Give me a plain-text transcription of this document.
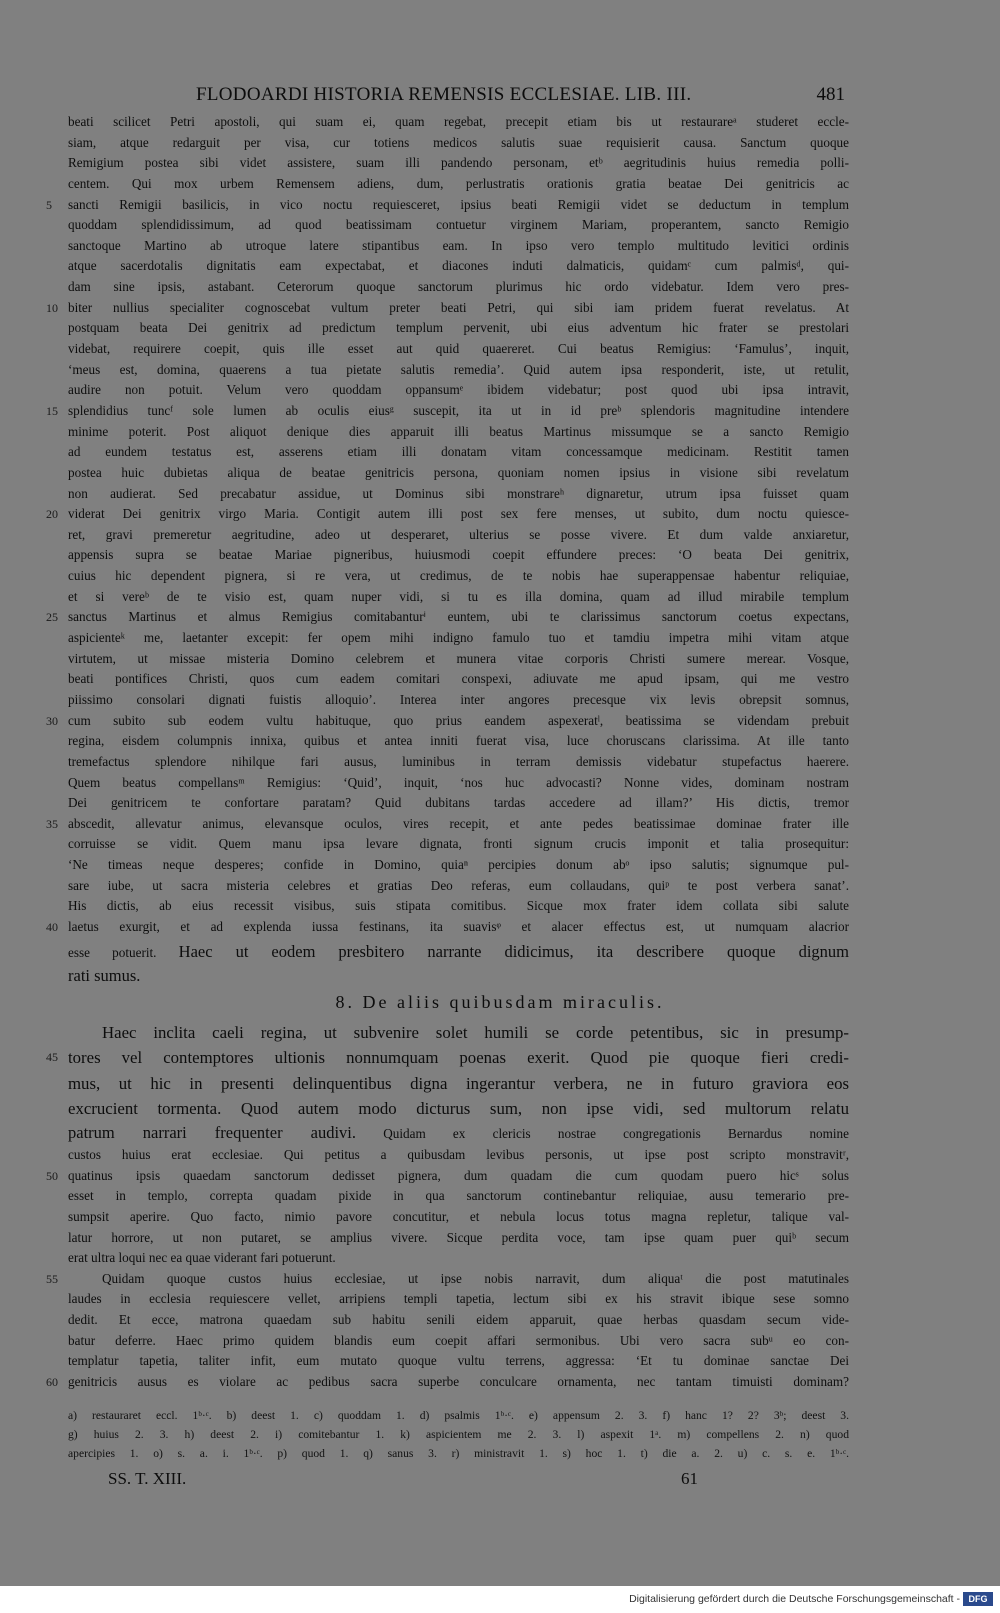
FLODOARDI HISTORIA REMENSIS ECCLESIAE. LIB. III.	481
beati scilicet Petri apostoli, qui suam ei, quam regebat, precepit etiam bis ut restaurareᵃ studeret eccle-
siam, atque redarguit per visa, cur totiens medicos salutis suae requisierit causa. Sanctum quoque
Remigium postea sibi videt assistere, suam illi pandendo personam, etᵇ aegritudinis huius remedia polli-
centem. Qui mox urbem Remensem adiens, dum, perlustratis orationis gratia beatae Dei genitricis ac
5 sancti Remigii basilicis, in vico noctu requiesceret, ipsius beati Remigii videt se deductum in templum
quoddam splendidissimum, ad quod beatissimam contuetur virginem Mariam, properantem, sancto Remigio
sanctoque Martino ab utroque latere stipantibus eam. In ipso vero templo multitudo levitici ordinis
atque sacerdotalis dignitatis eam expectabat, et diacones induti dalmaticis, quidamᶜ cum palmisᵈ, qui-
dam sine ipsis, astabant. Ceterorum quoque sanctorum plurimus hic ordo videbatur. Idem vero pres-
10 biter nullius specialiter cognoscebat vultum preter beati Petri, qui sibi iam pridem fuerat revelatus. At
postquam beata Dei genitrix ad predictum templum pervenit, ubi eius adventum hic frater se prestolari
videbat, requirere coepit, quis ille esset aut quid quaereret. Cui beatus Remigius: ‘Famulus’, inquit,
‘meus est, domina, quaerens a tua pietate salutis remedia’. Quid autem ipsa responderit, iste, ut retulit,
audire non potuit. Velum vero quoddam oppansumᵉ ibidem videbatur; post quod ubi ipsa intravit,
15 splendidius tuncᶠ sole lumen ab oculis eiusᵍ suscepit, ita ut in id preᵇ splendoris magnitudine intendere
minime poterit. Post aliquot denique dies apparuit illi beatus Martinus missumque se a sancto Remigio
ad eundem testatus est, asserens etiam illi donatam vitam concessamque medicinam. Restitit tamen
postea huic dubietas aliqua de beatae genitricis persona, quoniam nomen ipsius in visione sibi revelatum
non audierat. Sed precabatur assidue, ut Dominus sibi monstrareʰ dignaretur, utrum ipsa fuisset quam
20 viderat Dei genitrix virgo Maria. Contigit autem illi post sex fere menses, ut subito, dum noctu quiesce-
ret, gravi premeretur aegritudine, adeo ut desperaret, ulterius se posse vivere. Et dum valde anxiaretur,
appensis supra se beatae Mariae pigneribus, huiusmodi coepit effundere preces: ‘O beata Dei genitrix,
cuius hic dependent pignera, si re vera, ut credimus, de te nobis hae superappensae habentur reliquiae,
et si vereᵇ de te visio est, quam nuper vidi, si tu es illa domina, quam ad illud mirabile templum
25 sanctus Martinus et almus Remigius comitabanturⁱ euntem, ubi te clarissimus sanctorum coetus expectans,
aspicienteᵏ me, laetanter excepit: fer opem mihi indigno famulo tuo et tamdiu impetra mihi vitam atque
virtutem, ut missae misteria Domino celebrem et munera vitae corporis Christi sumere merear. Vosque,
beati pontifices Christi, quos cum eadem comitari conspexi, adiuvate me apud ipsam, qui me vestro
piissimo consolari dignati fuistis alloquio’. Interea inter angores precesque vix levis obrepsit somnus,
30 cum subito sub eodem vultu habituque, quo prius eandem aspexeratˡ, beatissima se videndam prebuit
regina, eisdem columpnis innixa, quibus et antea inniti fuerat visa, luce choruscans clarissima. At ille tanto
tremefactus splendore nihilque fari ausus, luminibus in terram demissis videbatur stupefactus haerere.
Quem beatus compellansᵐ Remigius: ‘Quid’, inquit, ‘nos huc advocasti? Nonne vides, dominam nostram
Dei genitricem te confortare paratam? Quid dubitans tardas accedere ad illam?’ His dictis, tremor
35 abscedit, allevatur animus, elevansque oculos, vires recepit, et ante pedes beatissimae dominae frater ille
corruisse se vidit. Quem manu ipsa levare dignata, fronti signum crucis imponit et talia prosequitur:
‘Ne timeas neque desperes; confide in Domino, quiaⁿ percipies donum abᵒ ipso salutis; signumque pul-
sare iube, ut sacra misteria celebres et gratias Deo referas, eum collaudans, quiᵖ te post verbera sanat’.
His dictis, ab eius recessit visibus, suis stipata comitibus. Sicque mox frater idem collata sibi salute
40 laetus exurgit, et ad explenda iussa festinans, ita suavisᵠ et alacer effectus est, ut numquam alacrior
esse potuerit. Haec ut eodem presbitero narrante didicimus, ita describere quoque dignum
rati sumus.
8. De aliis quibusdam miraculis.
Haec inclita caeli regina, ut subvenire solet humili se corde petentibus, sic in presump-
45 tores vel contemptores ultionis nonnumquam poenas exerit. Quod pie quoque fieri credi-
mus, ut hic in presenti delinquentibus digna ingerantur verbera, ne in futuro graviora eos
excrucient tormenta. Quod autem modo dicturus sum, non ipse vidi, sed multorum relatu
patrum narrari frequenter audivi. Quidam ex clericis nostrae congregationis Bernardus nomine
custos huius erat ecclesiae. Qui petitus a quibusdam levibus personis, ut ipse post scripto monstravitʳ,
50 quatinus ipsis quaedam sanctorum dedisset pignera, dum quadam die cum quodam puero hicˢ solus
esset in templo, correpta quadam pixide in qua sanctorum continebantur reliquiae, ausu temerario pre-
sumpsit aperire. Quo facto, nimio pavore concutitur, et nebula locus totus magna repletur, talique val-
latur horrore, ut non putaret, se amplius vivere. Sicque perdita voce, tam ipse quam puer quiᵇ secum
erat ultra loqui nec ea quae viderant fari potuerunt.
55	Quidam quoque custos huius ecclesiae, ut ipse nobis narravit, dum aliquaᵗ die post matutinales
laudes in ecclesia requiescere vellet, arripiens templi tapetia, lectum sibi ex his stravit ibique sese somno
dedit. Et ecce, matrona quaedam sub habitu senili eidem apparuit, quae herbas quasdam secum vide-
batur deferre. Haec primo quidem blandis eum coepit affari sermonibus. Ubi vero sacra subᵘ eo con-
templatur tapetia, taliter infit, eum mutato quoque vultu terrens, aggressa: ‘Et tu dominae sanctae Dei
60 genitricis ausus es violare ac pedibus sacra superbe conculcare ornamenta, nec tantam timuisti dominam?
a) restauraret eccl. 1ᵇ·ᶜ. b) deest 1. c) quoddam 1. d) psalmis 1ᵇ·ᶜ. e) appensum 2. 3. f) hanc 1? 2? 3ᵇ; deest 3.
g) huius 2. 3. h) deest 2. i) comitebantur 1. k) aspicientem me 2. 3. l) aspexit 1ᵃ. m) compellens 2. n) quod
apercipies 1. o) s. a. i. 1ᵇ·ᶜ. p) quod 1. q) sanus 3. r) ministravit 1. s) hoc 1. t) die a. 2. u) c. s. e. 1ᵇ·ᶜ.
SS. T. XIII.	61
Digitalisierung gefördert durch die Deutsche Forschungsgemeinschaft - DFG
